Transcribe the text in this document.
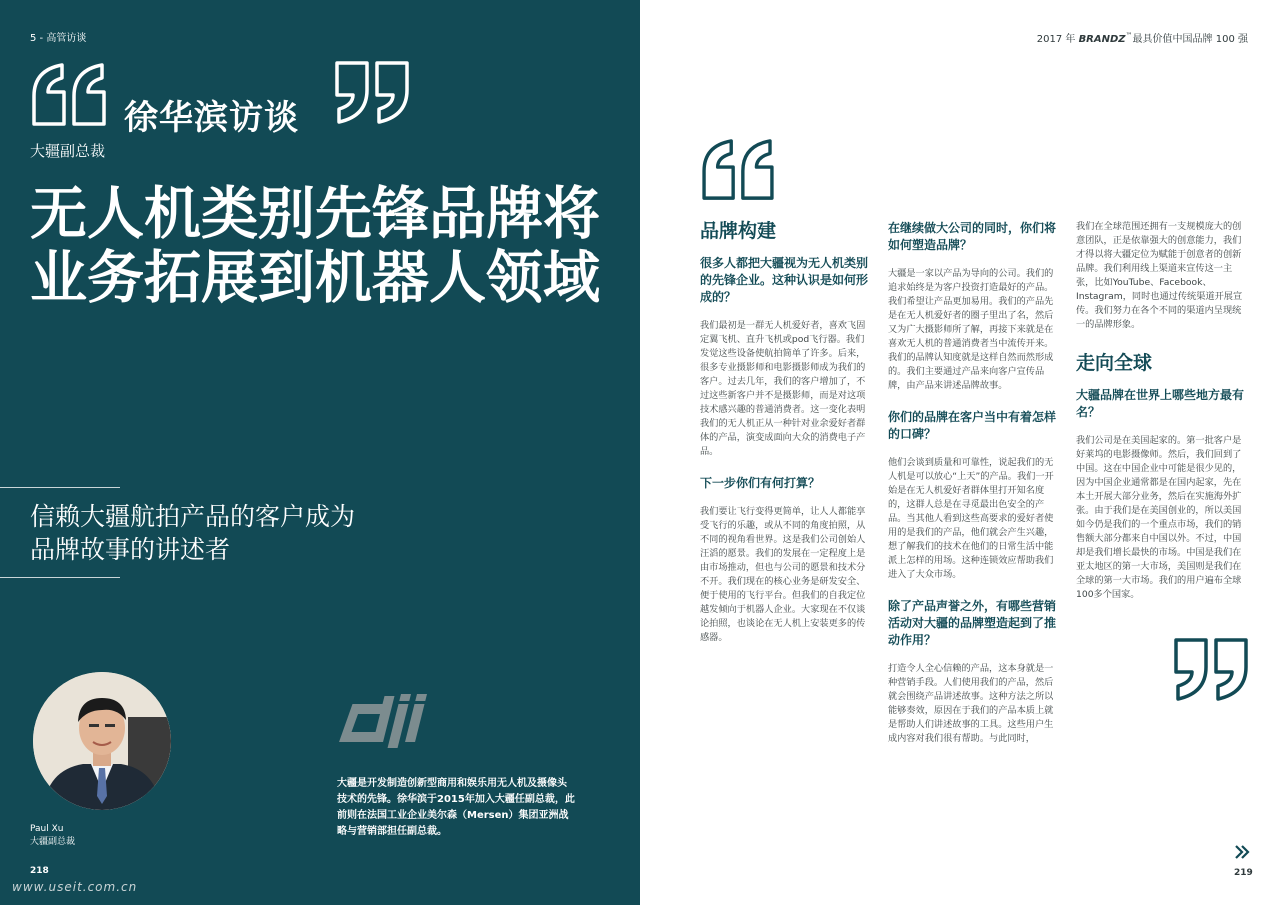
5 - 高管访谈
徐华滨访谈
大疆副总裁
无人机类别先锋品牌将业务拓展到机器人领域
信赖大疆航拍产品的客户成为品牌故事的讲述者
Paul Xu
大疆副总裁
大疆是开发制造创新型商用和娱乐用无人机及摄像头技术的先锋。徐华滨于2015年加入大疆任副总裁，此前则在法国工业企业美尔森（Mersen）集团亚洲战略与营销部担任副总裁。
218
www.useit.com.cn
2017 年 BRANDZ™最具价值中国品牌 100 强
品牌构建
很多人都把大疆视为无人机类别的先锋企业。这种认识是如何形成的？

我们最初是一群无人机爱好者，喜欢飞固定翼飞机、直升飞机或pod飞行器。我们发觉这些设备使航拍简单了许多。后来，很多专业摄影师和电影摄影师成为我们的客户。过去几年，我们的客户增加了，不过这些新客户并不是摄影师，而是对这项技术感兴趣的普通消费者。这一变化表明我们的无人机正从一种针对业余爱好者群体的产品，演变成面向大众的消费电子产品。

下一步你们有何打算？

我们要让飞行变得更简单，让人人都能享受飞行的乐趣，或从不同的角度拍照，从不同的视角看世界。这是我们公司创始人汪滔的愿景。我们的发展在一定程度上是由市场推动，但也与公司的愿景和技术分不开。我们现在的核心业务是研发安全、便于使用的飞行平台。但我们的自我定位越发倾向于机器人企业。大家现在不仅谈论拍照，也谈论在无人机上安装更多的传感器。

在继续做大公司的同时，你们将如何塑造品牌？

大疆是一家以产品为导向的公司。我们的追求始终是为客户投资打造最好的产品。我们希望让产品更加易用。我们的产品先是在无人机爱好者的圈子里出了名，然后又为广大摄影师所了解，再接下来就是在喜欢无人机的普通消费者当中流传开来。我们的品牌认知度就是这样自然而然形成的。我们主要通过产品来向客户宣传品牌，由产品来讲述品牌故事。

你们的品牌在客户当中有着怎样的口碑？

他们会谈到质量和可靠性，说起我们的无人机是可以放心“上天”的产品。我们一开始是在无人机爱好者群体里打开知名度的，这群人总是在寻觅最出色安全的产品。当其他人看到这些高要求的爱好者使用的是我们的产品，他们就会产生兴趣，想了解我们的技术在他们的日常生活中能派上怎样的用场。这种连锁效应帮助我们进入了大众市场。

除了产品声誉之外，有哪些营销活动对大疆的品牌塑造起到了推动作用？

打造令人全心信赖的产品，这本身就是一种营销手段。人们使用我们的产品，然后就会围绕产品讲述故事。这种方法之所以能够奏效，原因在于我们的产品本质上就是帮助人们讲述故事的工具。这些用户生成内容对我们很有帮助。与此同时，

我们在全球范围还拥有一支规模庞大的创意团队，正是依靠强大的创意能力，我们才得以将大疆定位为赋能于创意者的创新品牌。我们利用线上渠道来宣传这一主张，比如YouTube、Facebook、Instagram，同时也通过传统渠道开展宣传。我们努力在各个不同的渠道内呈现统一的品牌形象。

走向全球
大疆品牌在世界上哪些地方最有名？

我们公司是在美国起家的。第一批客户是好莱坞的电影摄像师。然后，我们回到了中国。这在中国企业中可能是很少见的，因为中国企业通常都是在国内起家，先在本土开展大部分业务，然后在实施海外扩张。由于我们是在美国创业的，所以美国如今仍是我们的一个重点市场，我们的销售额大部分都来自中国以外。不过，中国却是我们增长最快的市场。中国是我们在亚太地区的第一大市场，美国则是我们在全球的第一大市场。我们的用户遍布全球100多个国家。

219
